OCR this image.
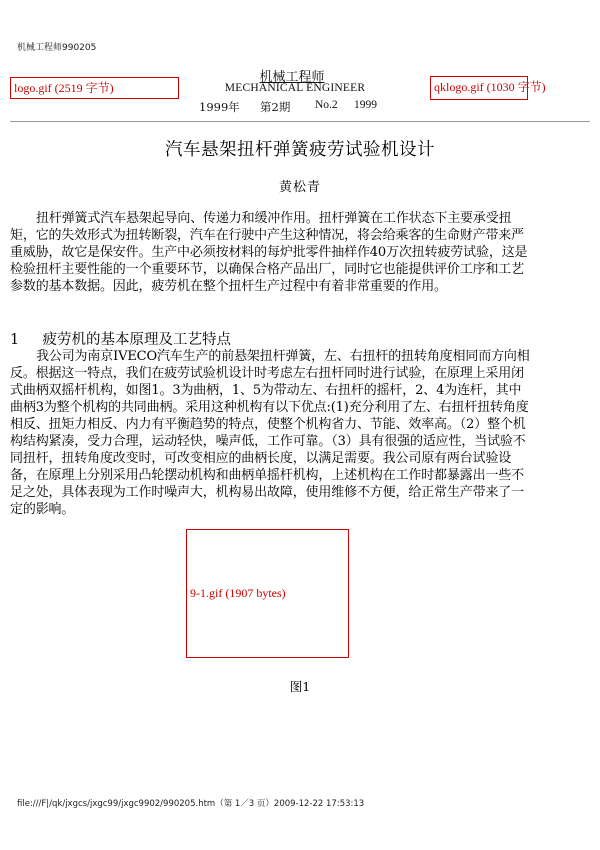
机械工程师990205
logo.gif (2519 字节)	qklogo.gif (1030 字节)
机械工程师
MECHANICAL ENGINEER
1999年 第2期 No.2 1999
汽车悬架扭杆弹簧疲劳试验机设计
黄松青
扭杆弹簧式汽车悬架起导向、传递力和缓冲作用。扭杆弹簧在工作状态下主要承受扭矩，它的失效形式为扭转断裂，汽车在行驶中产生这种情况，将会给乘客的生命财产带来严重威胁，故它是保安件。生产中必须按材料的每炉批零件抽样作40万次扭转疲劳试验，这是检验扭杆主要性能的一个重要环节，以确保合格产品出厂，同时它也能提供评价工序和工艺参数的基本数据。因此，疲劳机在整个扭杆生产过程中有着非常重要的作用。
1 疲劳机的基本原理及工艺特点
我公司为南京IVECO汽车生产的前悬架扭杆弹簧，左、右扭杆的扭转角度相同而方向相反。根据这一特点，我们在疲劳试验机设计时考虑左右扭杆同时进行试验，在原理上采用闭式曲柄双摇杆机构，如图1。3为曲柄，1、5为带动左、右扭杆的摇杆，2、4为连杆，其中曲柄3为整个机构的共同曲柄。采用这种机构有以下优点:(1)充分利用了左、右扭杆扭转角度相反、扭矩力相反、内力有平衡趋势的特点，使整个机构省力、节能、效率高。（2）整个机构结构紧凑，受力合理，运动轻快，噪声低，工作可靠。（3）具有很强的适应性，当试验不同扭杆，扭转角度改变时，可改变相应的曲柄长度，以满足需要。我公司原有两台试验设备，在原理上分别采用凸轮摆动机构和曲柄单摇杆机构，上述机构在工作时都暴露出一些不足之处，具体表现为工作时噪声大，机构易出故障，使用维修不方便，给正常生产带来了一定的影响。
9-1.gif (1907 bytes)
图1
file:///F|/qk/jxgcs/jxgc99/jxgc9902/990205.htm（第 1／3 页）2009-12-22 17:53:13
